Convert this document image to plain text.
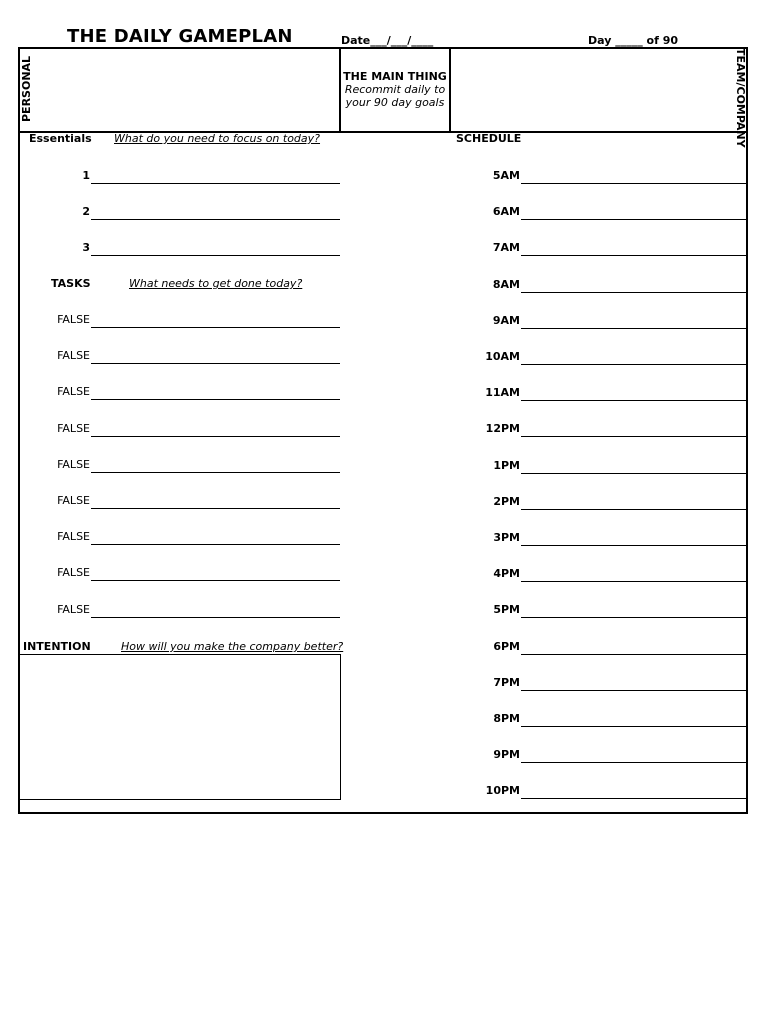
THE DAILY GAMEPLAN	Date___/___/____	Day _____ of 90
PERSONAL	TEAM/COMPANY
THE MAIN THING
Recommit daily to
your 90 day goals
Essentials What do you need to focus on today?
1
2
3
TASKS	What needs to get done today?
FALSE
FALSE
FALSE
FALSE
FALSE
FALSE
FALSE
FALSE
FALSE
INTENTION	How will you make the company better?
SCHEDULE
5AM
6AM
7AM
8AM
9AM
10AM
11AM
12PM
1PM
2PM
3PM
4PM
5PM
6PM
7PM
8PM
9PM
10PM
